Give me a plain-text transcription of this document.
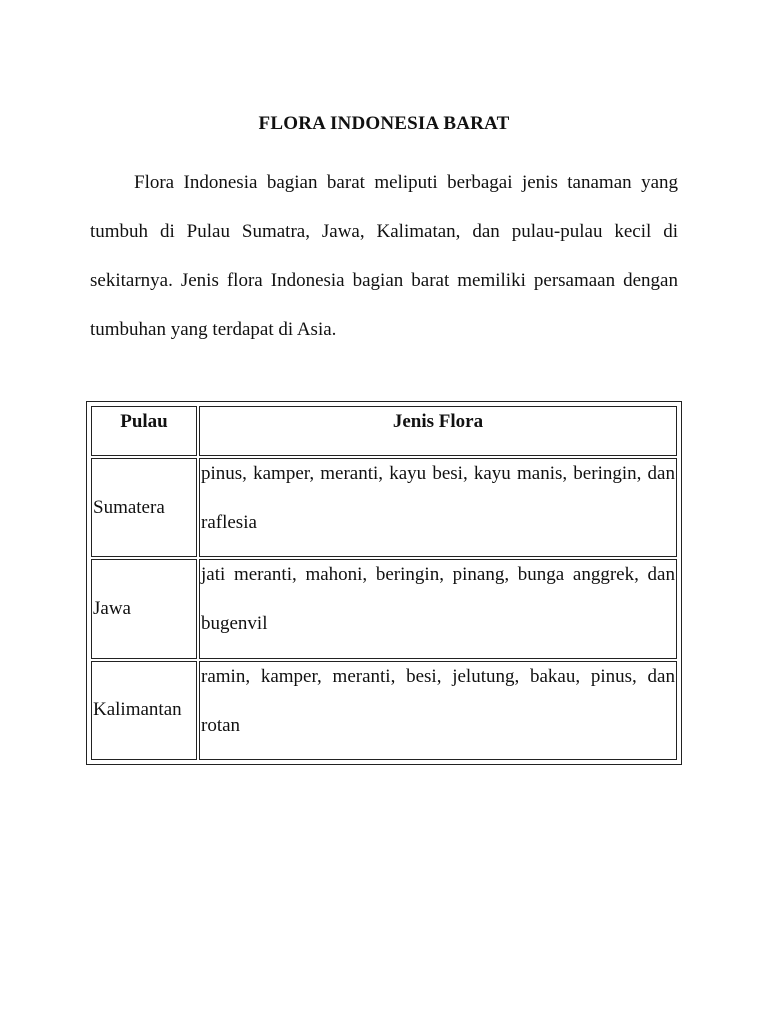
FLORA INDONESIA BARAT

Flora Indonesia bagian barat meliputi berbagai jenis tanaman yang tumbuh di Pulau Sumatra, Jawa, Kalimatan, dan pulau-pulau kecil di sekitarnya. Jenis flora Indonesia bagian barat memiliki persamaan dengan tumbuhan yang terdapat di Asia.

Pulau	Jenis Flora
Sumatera	pinus, kamper, meranti, kayu besi, kayu manis, beringin, dan raflesia

Jawa	jati meranti, mahoni, beringin, pinang, bunga anggrek, dan bugenvil

Kalimantan	ramin, kamper, meranti, besi, jelutung, bakau, pinus, dan rotan
